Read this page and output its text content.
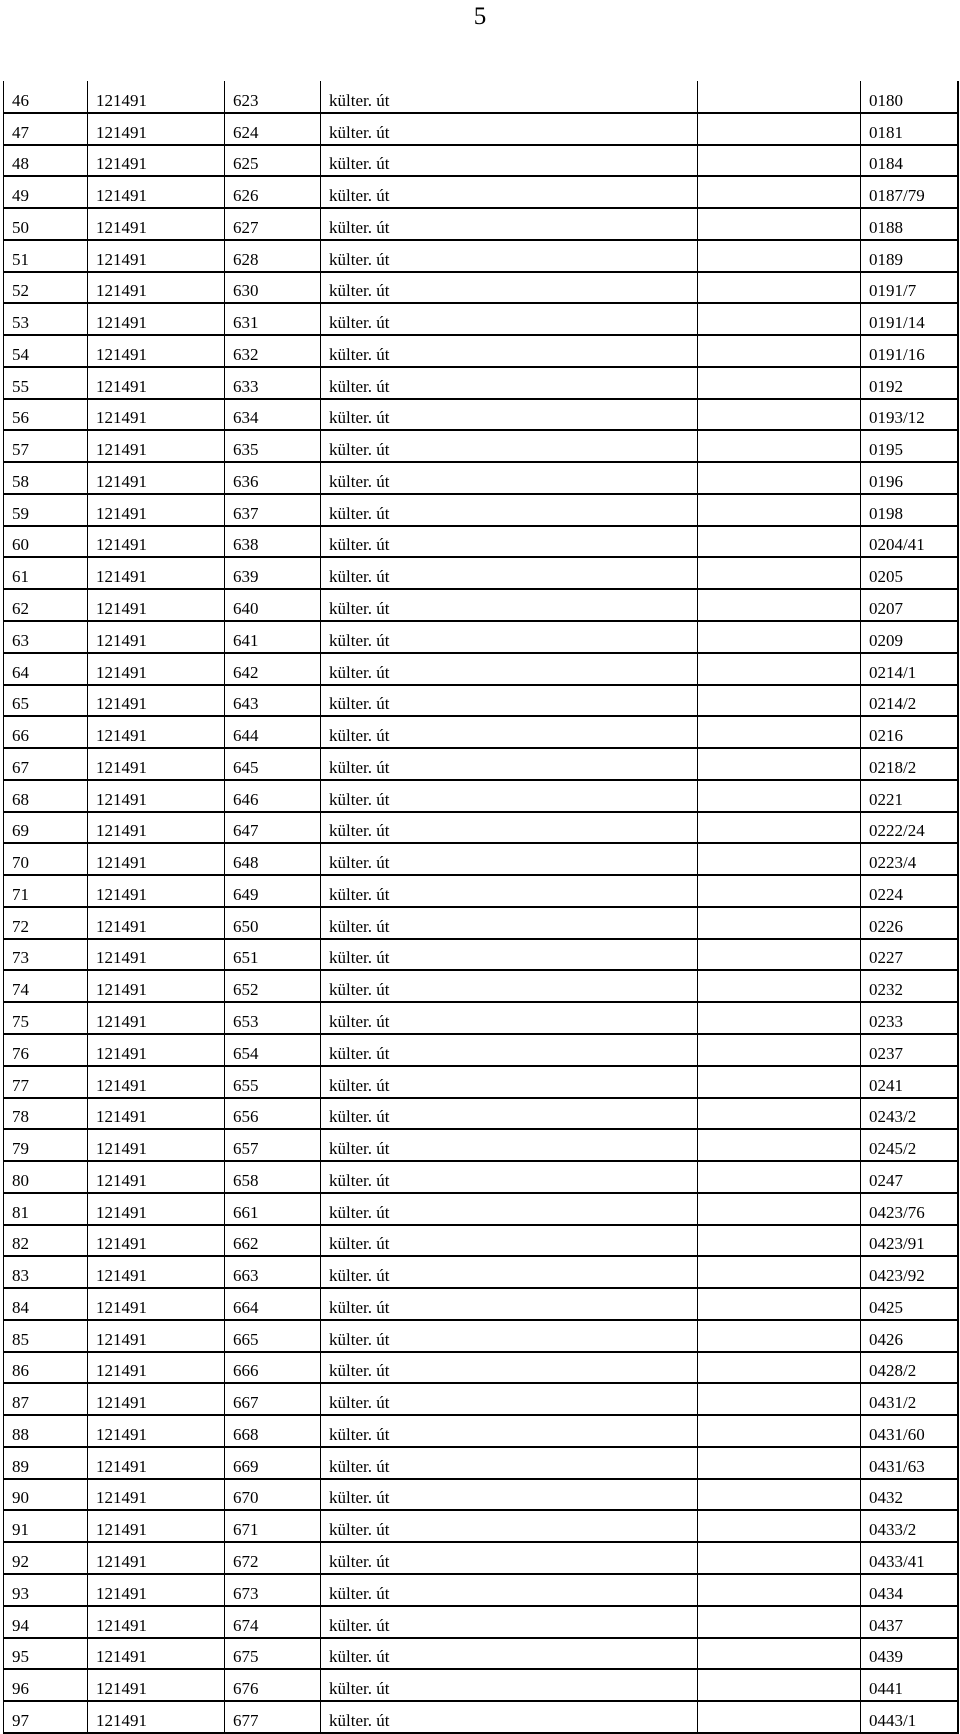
5
46	121491	623	külter. út		0180
47	121491	624	külter. út		0181
48	121491	625	külter. út		0184
49	121491	626	külter. út		0187/79
50	121491	627	külter. út		0188
51	121491	628	külter. út		0189
52	121491	630	külter. út		0191/7
53	121491	631	külter. út		0191/14
54	121491	632	külter. út		0191/16
55	121491	633	külter. út		0192
56	121491	634	külter. út		0193/12
57	121491	635	külter. út		0195
58	121491	636	külter. út		0196
59	121491	637	külter. út		0198
60	121491	638	külter. út		0204/41
61	121491	639	külter. út		0205
62	121491	640	külter. út		0207
63	121491	641	külter. út		0209
64	121491	642	külter. út		0214/1
65	121491	643	külter. út		0214/2
66	121491	644	külter. út		0216
67	121491	645	külter. út		0218/2
68	121491	646	külter. út		0221
69	121491	647	külter. út		0222/24
70	121491	648	külter. út		0223/4
71	121491	649	külter. út		0224
72	121491	650	külter. út		0226
73	121491	651	külter. út		0227
74	121491	652	külter. út		0232
75	121491	653	külter. út		0233
76	121491	654	külter. út		0237
77	121491	655	külter. út		0241
78	121491	656	külter. út		0243/2
79	121491	657	külter. út		0245/2
80	121491	658	külter. út		0247
81	121491	661	külter. út		0423/76
82	121491	662	külter. út		0423/91
83	121491	663	külter. út		0423/92
84	121491	664	külter. út		0425
85	121491	665	külter. út		0426
86	121491	666	külter. út		0428/2
87	121491	667	külter. út		0431/2
88	121491	668	külter. út		0431/60
89	121491	669	külter. út		0431/63
90	121491	670	külter. út		0432
91	121491	671	külter. út		0433/2
92	121491	672	külter. út		0433/41
93	121491	673	külter. út		0434
94	121491	674	külter. út		0437
95	121491	675	külter. út		0439
96	121491	676	külter. út		0441
97	121491	677	külter. út		0443/1
